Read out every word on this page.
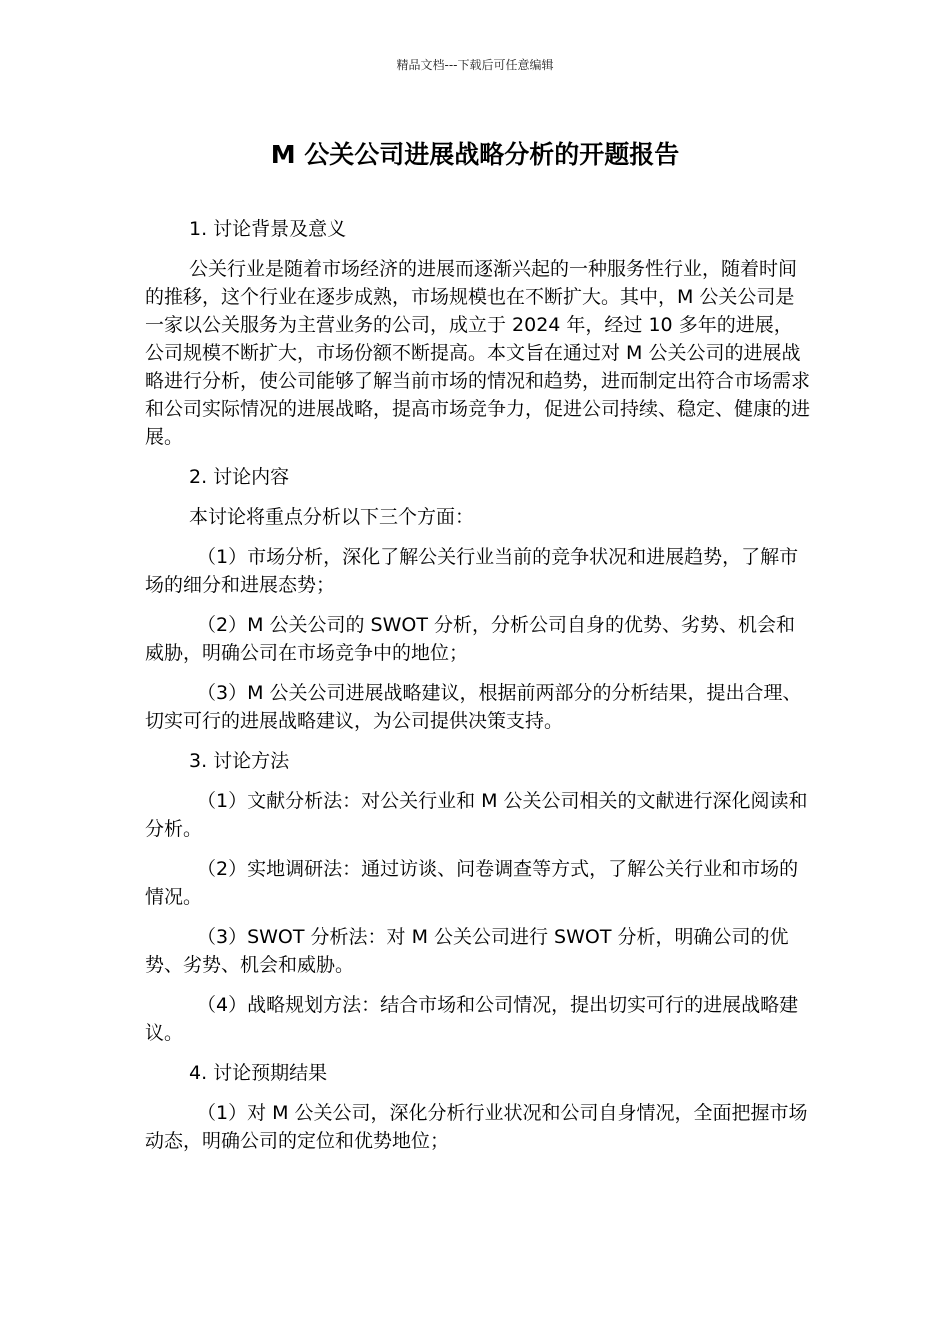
精品文档---下载后可任意编辑
M 公关公司进展战略分析的开题报告

1. 讨论背景及意义

公关行业是随着市场经济的进展而逐渐兴起的一种服务性行业，随着时间的推移，这个行业在逐步成熟，市场规模也在不断扩大。其中，M 公关公司是一家以公关服务为主营业务的公司，成立于 2024 年，经过 10 多年的进展，公司规模不断扩大，市场份额不断提高。本文旨在通过对 M 公关公司的进展战略进行分析，使公司能够了解当前市场的情况和趋势，进而制定出符合市场需求和公司实际情况的进展战略，提高市场竞争力，促进公司持续、稳定、健康的进展。

2. 讨论内容

本讨论将重点分析以下三个方面：

（1）市场分析，深化了解公关行业当前的竞争状况和进展趋势，了解市场的细分和进展态势；

（2）M 公关公司的 SWOT 分析，分析公司自身的优势、劣势、机会和威胁，明确公司在市场竞争中的地位；

（3）M 公关公司进展战略建议，根据前两部分的分析结果，提出合理、切实可行的进展战略建议，为公司提供决策支持。

3. 讨论方法

（1）文献分析法：对公关行业和 M 公关公司相关的文献进行深化阅读和分析。

（2）实地调研法：通过访谈、问卷调查等方式，了解公关行业和市场的情况。

（3）SWOT 分析法：对 M 公关公司进行 SWOT 分析，明确公司的优势、劣势、机会和威胁。

（4）战略规划方法：结合市场和公司情况，提出切实可行的进展战略建议。

4. 讨论预期结果

（1）对 M 公关公司，深化分析行业状况和公司自身情况，全面把握市场动态，明确公司的定位和优势地位；
